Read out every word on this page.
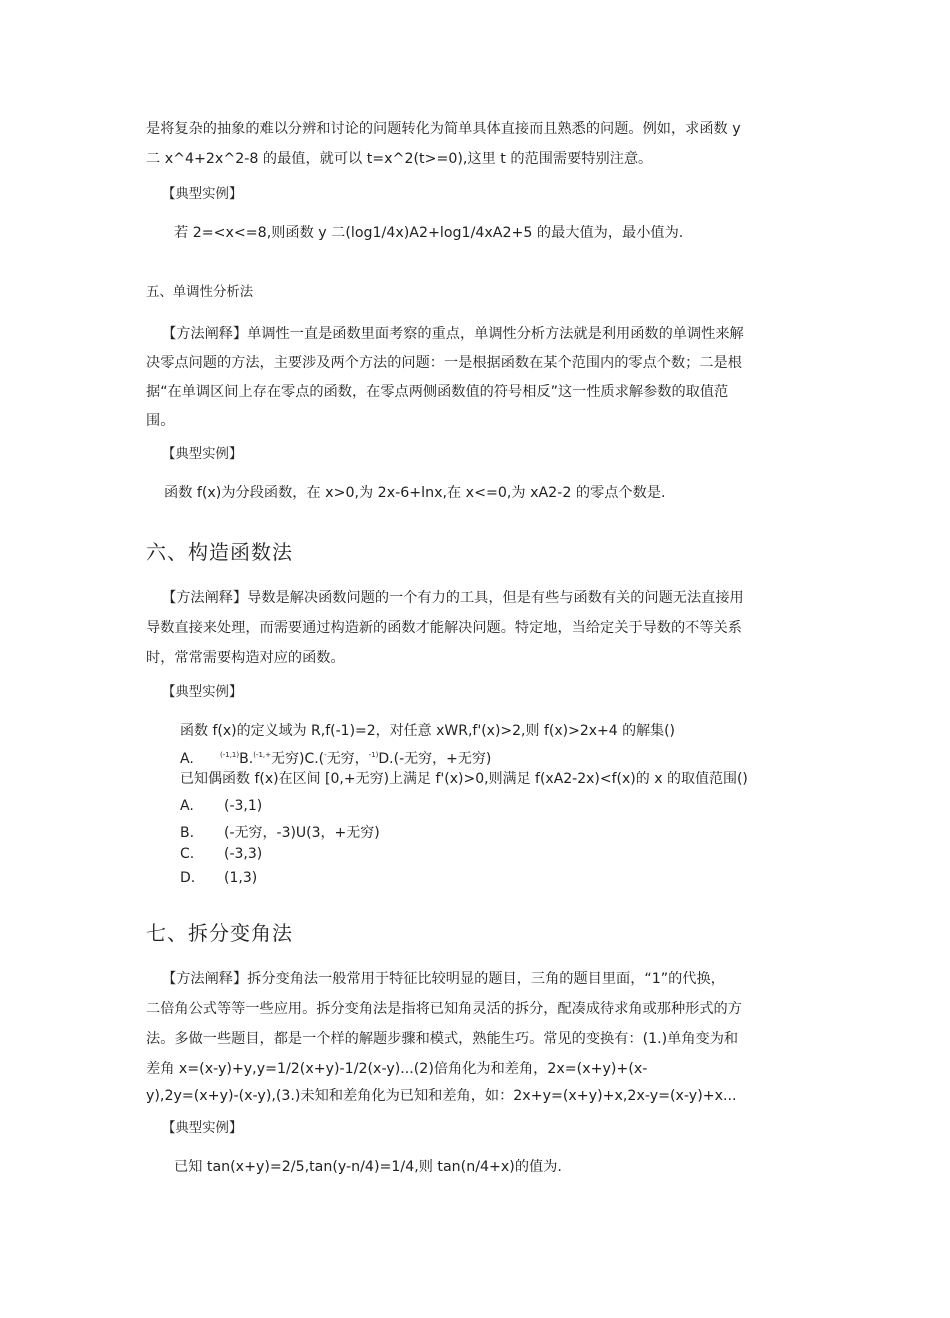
是将复杂的抽象的难以分辨和讨论的问题转化为简单具体直接而且熟悉的问题。例如，求函数 y
二 x^4+2x^2-8 的最值，就可以 t=x^2(t>=0),这里 t 的范围需要特别注意。
【典型实例】
若 2=<x<=8,则函数 y 二(log1/4x)A2+log1/4xA2+5 的最大值为，最小值为.
五、单调性分析法
【方法阐释】单调性一直是函数里面考察的重点，单调性分析方法就是利用函数的单调性来解
决零点问题的方法，主要涉及两个方法的问题：一是根据函数在某个范围内的零点个数；二是根
据“在单调区间上存在零点的函数，在零点两侧函数值的符号相反”这一性质求解参数的取值范
围。
【典型实例】
函数 f(x)为分段函数，在 x>0,为 2x-6+lnx,在 x<=0,为 xA2-2 的零点个数是.
六、构造函数法
【方法阐释】导数是解决函数问题的一个有力的工具，但是有些与函数有关的问题无法直接用
导数直接来处理，而需要通过构造新的函数才能解决问题。特定地，当给定关于导数的不等关系
时，常常需要构造对应的函数。
【典型实例】
函数 f(x)的定义域为 R,f(-1)=2，对任意 xWR,f'(x)>2,则 f(x)>2x+4 的解集()
A.	$^{(-1,1)}$B.$^{(-1,+}$无穷)C.(-无穷，$^{-1)}$D.(-无穷，+无穷)
已知偶函数 f(x)在区间 [0,+无穷)上满足 f'(x)>0,则满足 f(xA2-2x)<f(x)的 x 的取值范围()
A. (-3,1)
B. (-无穷，-3)U(3，+无穷)
C. (-3,3)
D. (1,3)
七、拆分变角法
【方法阐释】拆分变角法一般常用于特征比较明显的题目，三角的题目里面，“1”的代换，
二倍角公式等等一些应用。拆分变角法是指将已知角灵活的拆分，配凑成待求角或那种形式的方
法。多做一些题目，都是一个样的解题步骤和模式，熟能生巧。常见的变换有：(1.)单角变为和
差角 x=(x-y)+y,y=1/2(x+y)-1/2(x-y)...(2)倍角化为和差角，2x=(x+y)+(x-
y),2y=(x+y)-(x-y),(3.)未知和差角化为已知和差角，如：2x+y=(x+y)+x,2x-y=(x-y)+x...
【典型实例】
已知 tan(x+y)=2/5,tan(y-n/4)=1/4,则 tan(n/4+x)的值为.
